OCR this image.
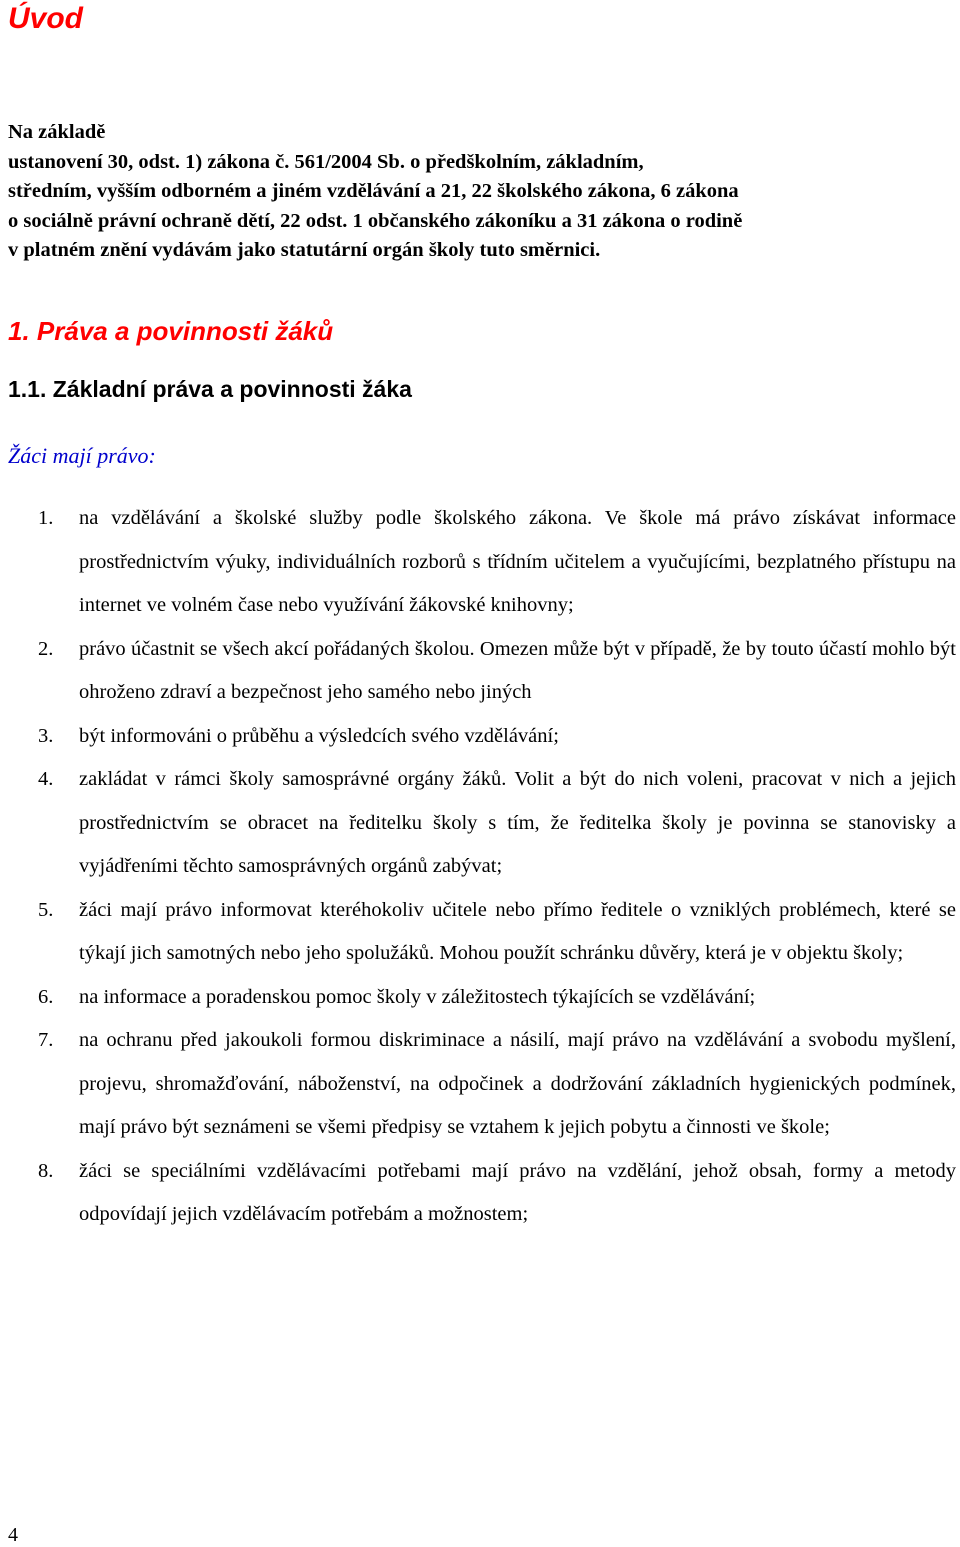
Úvod
Na základě
ustanovení 30, odst. 1) zákona č. 561/2004 Sb. o předškolním, základním,
středním, vyšším odborném a jiném vzdělávání a 21, 22 školského zákona, 6 zákona
o sociálně právní ochraně dětí, 22 odst. 1 občanského zákoníku a 31 zákona o rodině
v platném znění vydávám jako statutární orgán školy tuto směrnici.
1. Práva a povinnosti žáků
1.1. Základní práva a povinnosti žáka

Žáci mají právo:

1. na vzdělávání a školské služby podle školského zákona. Ve škole má právo získávat informace prostřednictvím výuky, individuálních rozborů s třídním učitelem a vyučujícími, bezplatného přístupu na internet ve volném čase nebo využívání žákovské knihovny;
2. právo účastnit se všech akcí pořádaných školou. Omezen může být v případě, že by touto účastí mohlo být ohroženo zdraví a bezpečnost jeho samého nebo jiných
3. být informováni o průběhu a výsledcích svého vzdělávání;
4. zakládat v rámci školy samosprávné orgány žáků. Volit a být do nich voleni, pracovat v nich a jejich prostřednictvím se obracet na ředitelku školy s tím, že ředitelka školy je povinna se stanovisky a vyjádřeními těchto samosprávných orgánů zabývat;
5. žáci mají právo informovat kteréhokoliv učitele nebo přímo ředitele o vzniklých problémech, které se týkají jich samotných nebo jeho spolužáků. Mohou použít schránku důvěry, která je v objektu školy;
6. na informace a poradenskou pomoc školy v záležitostech týkajících se vzdělávání;
7. na ochranu před jakoukoli formou diskriminace a násilí, mají právo na vzdělávání a svobodu myšlení, projevu, shromažďování, náboženství, na odpočinek a dodržování základních hygienických podmínek, mají právo být seznámeni se všemi předpisy se vztahem k jejich pobytu a činnosti ve škole;
8. žáci se speciálními vzdělávacími potřebami mají právo na vzdělání, jehož obsah, formy a metody odpovídají jejich vzdělávacím potřebám a možnostem;
4
